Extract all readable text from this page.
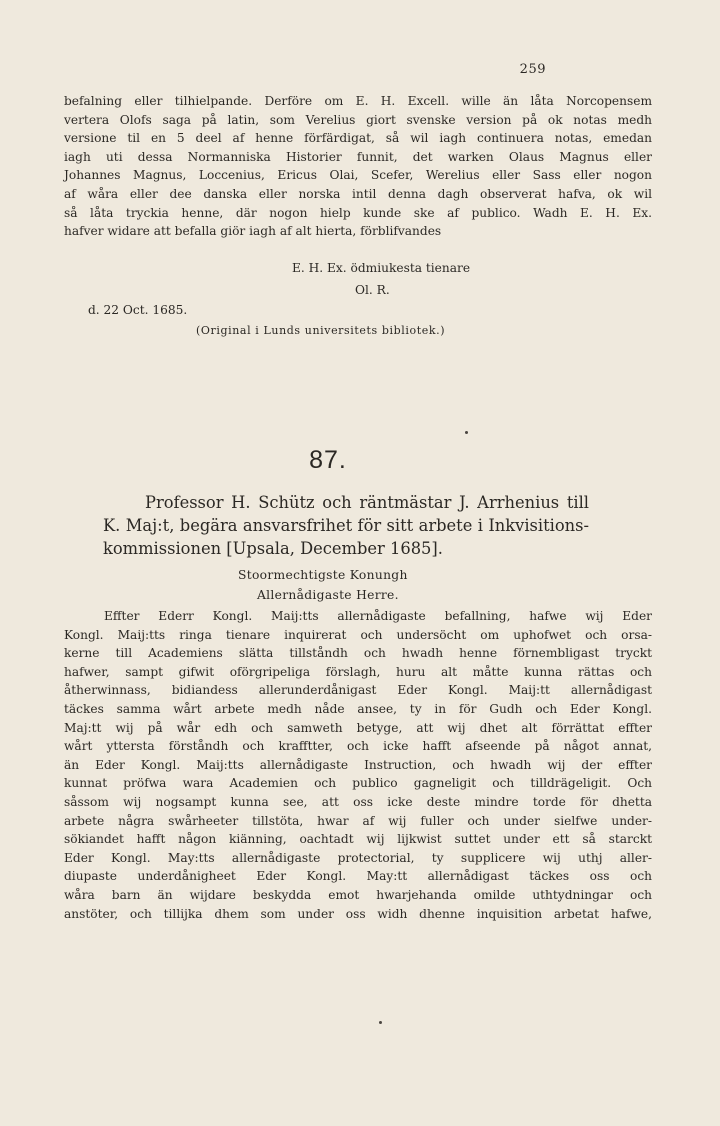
259
befalning eller tilhielpande. Derföre om E. H. Excell. wille än låta Norcopensem
vertera Olofs saga på latin, som Verelius giort svenske version på ok notas medh
versione til en 5 deel af henne förfärdigat, så wil iagh continuera notas, emedan
iagh uti dessa Normanniska Historier funnit, det warken Olaus Magnus eller
Johannes Magnus, Loccenius, Ericus Olai, Scefer, Werelius eller Sass eller nogon
af wåra eller dee danska eller norska intil denna dagh observerat hafva, ok wil
så låta tryckia henne, där nogon hielp kunde ske af publico. Wadh E. H. Ex.
hafver widare att befalla giör iagh af alt hierta, förblifvandes
E. H. Ex. ödmiukesta tienare
Ol. R.
d. 22 Oct. 1685.
(Original i Lunds universitets bibliotek.)
87.
Professor H. Schütz och räntmästar J. Arrhenius till
K. Maj:t, begära ansvarsfrihet för sitt arbete i Inkvisitions-
kommissionen [Upsala, December 1685].
Stoormechtigste Konungh
Allernådigaste Herre.
Effter Ederr Kongl. Maij:tts allernådigaste befallning, hafwe wij Eder
Kongl. Maij:tts ringa tienare inquirerat och undersöcht om uphofwet och orsa-
kerne till Academiens slätta tillståndh och hwadh henne förnembligast tryckt
hafwer, sampt gifwit oförgripeliga förslagh, huru alt måtte kunna rättas och
åtherwinnass, bidiandess allerunderdånigast Eder Kongl. Maij:tt allernådigast
täckes samma wårt arbete medh nåde ansee, ty in för Gudh och Eder Kongl.
Maj:tt wij på wår edh och samweth betyge, att wij dhet alt förrättat effter
wårt yttersta förståndh och krafftter, och icke hafft afseende på något annat,
än Eder Kongl. Maij:tts allernådigaste Instruction, och hwadh wij der effter
kunnat pröfwa wara Academien och publico gagneligit och tilldrägeligit. Och
såssom wij nogsampt kunna see, att oss icke deste mindre torde för dhetta
arbete några swårheeter tillstöta, hwar af wij fuller och under sielfwe under-
sökiandet hafft någon kiänning, oachtadt wij lijkwist suttet under ett så starckt
Eder Kongl. May:tts allernådigaste protectorial, ty supplicere wij uthj aller-
diupaste underdånigheet Eder Kongl. May:tt allernådigast täckes oss och
wåra barn än wijdare beskydda emot hwarjehanda omilde uthtydningar och
anstöter, och tillijka dhem som under oss widh dhenne inquisition arbetat hafwe,
